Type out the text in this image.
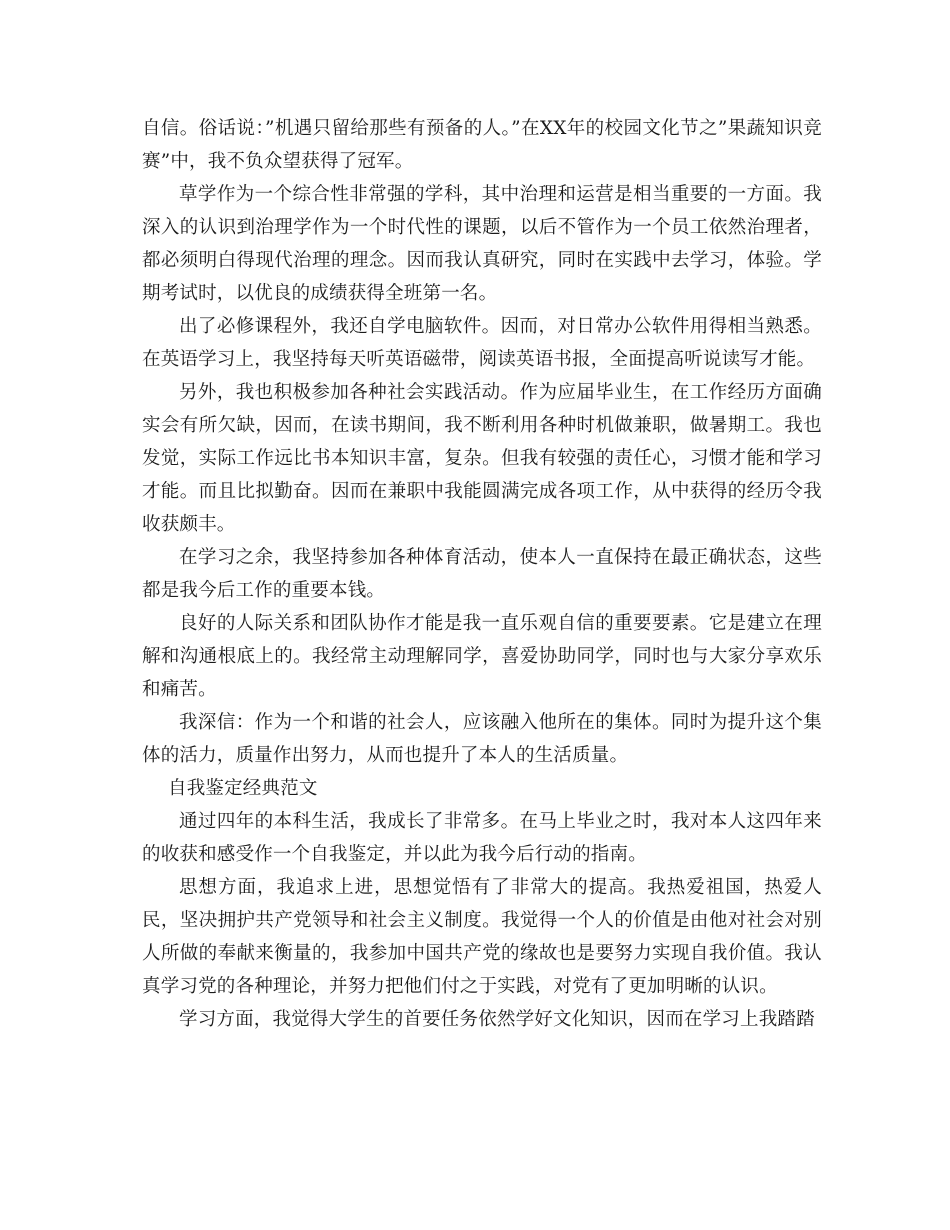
自信。俗话说：”机遇只留给那些有预备的人。”在XX年的校园文化节之”果蔬知识竞赛”中，我不负众望获得了冠军。

草学作为一个综合性非常强的学科，其中治理和运营是相当重要的一方面。我深入的认识到治理学作为一个时代性的课题，以后不管作为一个员工依然治理者，都必须明白得现代治理的理念。因而我认真研究，同时在实践中去学习，体验。学期考试时，以优良的成绩获得全班第一名。

出了必修课程外，我还自学电脑软件。因而，对日常办公软件用得相当熟悉。在英语学习上，我坚持每天听英语磁带，阅读英语书报，全面提高听说读写才能。

另外，我也积极参加各种社会实践活动。作为应届毕业生，在工作经历方面确实会有所欠缺，因而，在读书期间，我不断利用各种时机做兼职，做暑期工。我也发觉，实际工作远比书本知识丰富，复杂。但我有较强的责任心，习惯才能和学习才能。而且比拟勤奋。因而在兼职中我能圆满完成各项工作，从中获得的经历令我收获颇丰。

在学习之余，我坚持参加各种体育活动，使本人一直保持在最正确状态，这些都是我今后工作的重要本钱。

良好的人际关系和团队协作才能是我一直乐观自信的重要要素。它是建立在理解和沟通根底上的。我经常主动理解同学，喜爱协助同学，同时也与大家分享欢乐和痛苦。

我深信：作为一个和谐的社会人，应该融入他所在的集体。同时为提升这个集体的活力，质量作出努力，从而也提升了本人的生活质量。

自我鉴定经典范文

通过四年的本科生活，我成长了非常多。在马上毕业之时，我对本人这四年来的收获和感受作一个自我鉴定，并以此为我今后行动的指南。

思想方面，我追求上进，思想觉悟有了非常大的提高。我热爱祖国，热爱人民，坚决拥护共产党领导和社会主义制度。我觉得一个人的价值是由他对社会对别人所做的奉献来衡量的，我参加中国共产党的缘故也是要努力实现自我价值。我认真学习党的各种理论，并努力把他们付之于实践，对党有了更加明晰的认识。

学习方面，我觉得大学生的首要任务依然学好文化知识，因而在学习上我踏踏
